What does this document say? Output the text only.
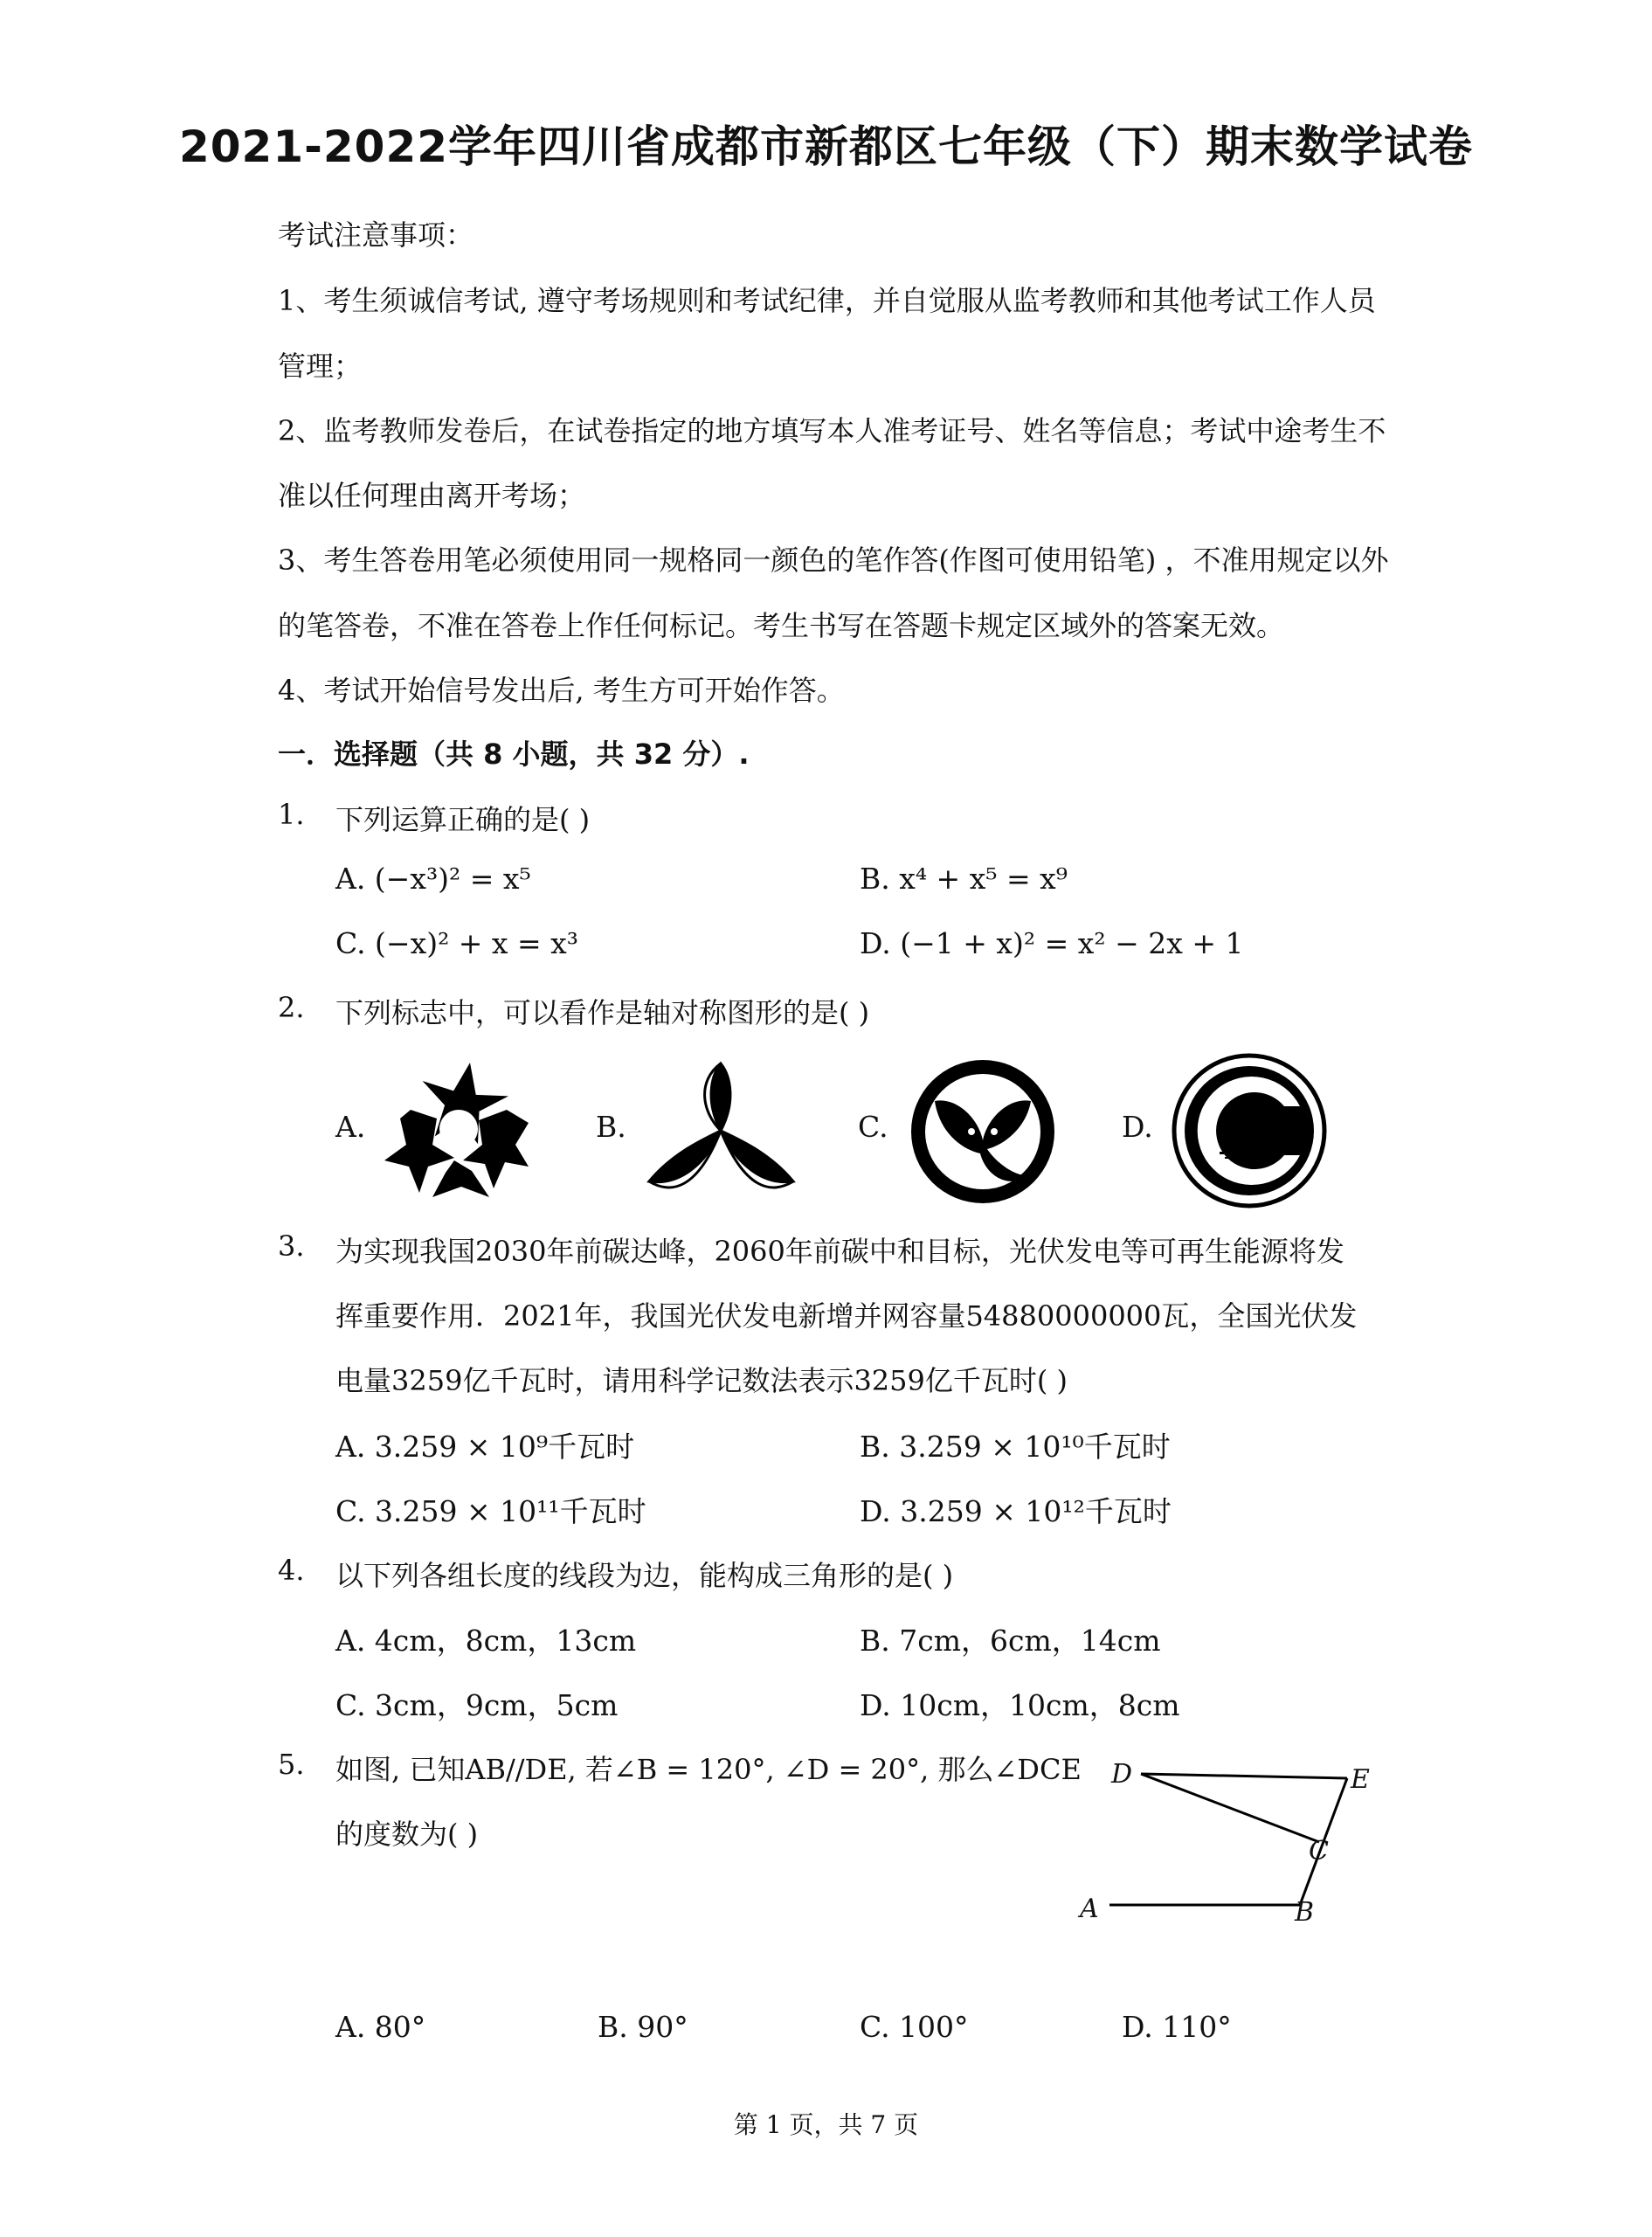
2021-2022学年四川省成都市新都区七年级（下）期末数学试卷
考试注意事项：
1、考生须诚信考试, 遵守考场规则和考试纪律，并自觉服从监考教师和其他考试工作人员
管理；
2、监考教师发卷后，在试卷指定的地方填写本人准考证号、姓名等信息；考试中途考生不
准以任何理由离开考场；
3、考生答卷用笔必须使用同一规格同一颜色的笔作答(作图可使用铅笔) ，不准用规定以外
的笔答卷，不准在答卷上作任何标记。考生书写在答题卡规定区域外的答案无效。
4、考试开始信号发出后, 考生方可开始作答。
一．选择题（共 8 小题，共 32 分）.
1. 下列运算正确的是( )
A. (−x³)² = x⁵	B. x⁴ + x⁵ = x⁹
C. (−x)² + x = x³	D. (−1 + x)² = x² − 2x + 1
2. 下列标志中，可以看作是轴对称图形的是( )
A.	B.	C.	D.
3. 为实现我国2030年前碳达峰，2060年前碳中和目标，光伏发电等可再生能源将发
挥重要作用．2021年，我国光伏发电新增并网容量54880000000瓦，全国光伏发
电量3259亿千瓦时，请用科学记数法表示3259亿千瓦时( )
A. 3.259 × 10⁹千瓦时	B. 3.259 × 10¹⁰千瓦时
C. 3.259 × 10¹¹千瓦时	D. 3.259 × 10¹²千瓦时
4. 以下列各组长度的线段为边，能构成三角形的是( )
A. 4cm，8cm，13cm	B. 7cm，6cm，14cm
C. 3cm，9cm，5cm	D. 10cm，10cm，8cm
5. 如图, 已知AB//DE, 若∠B = 120°, ∠D = 20°, 那么∠DCE
的度数为( )
D	E
C
A	B
A. 80°	B. 90°	C. 100°	D. 110°
第 1 页，共 7 页
